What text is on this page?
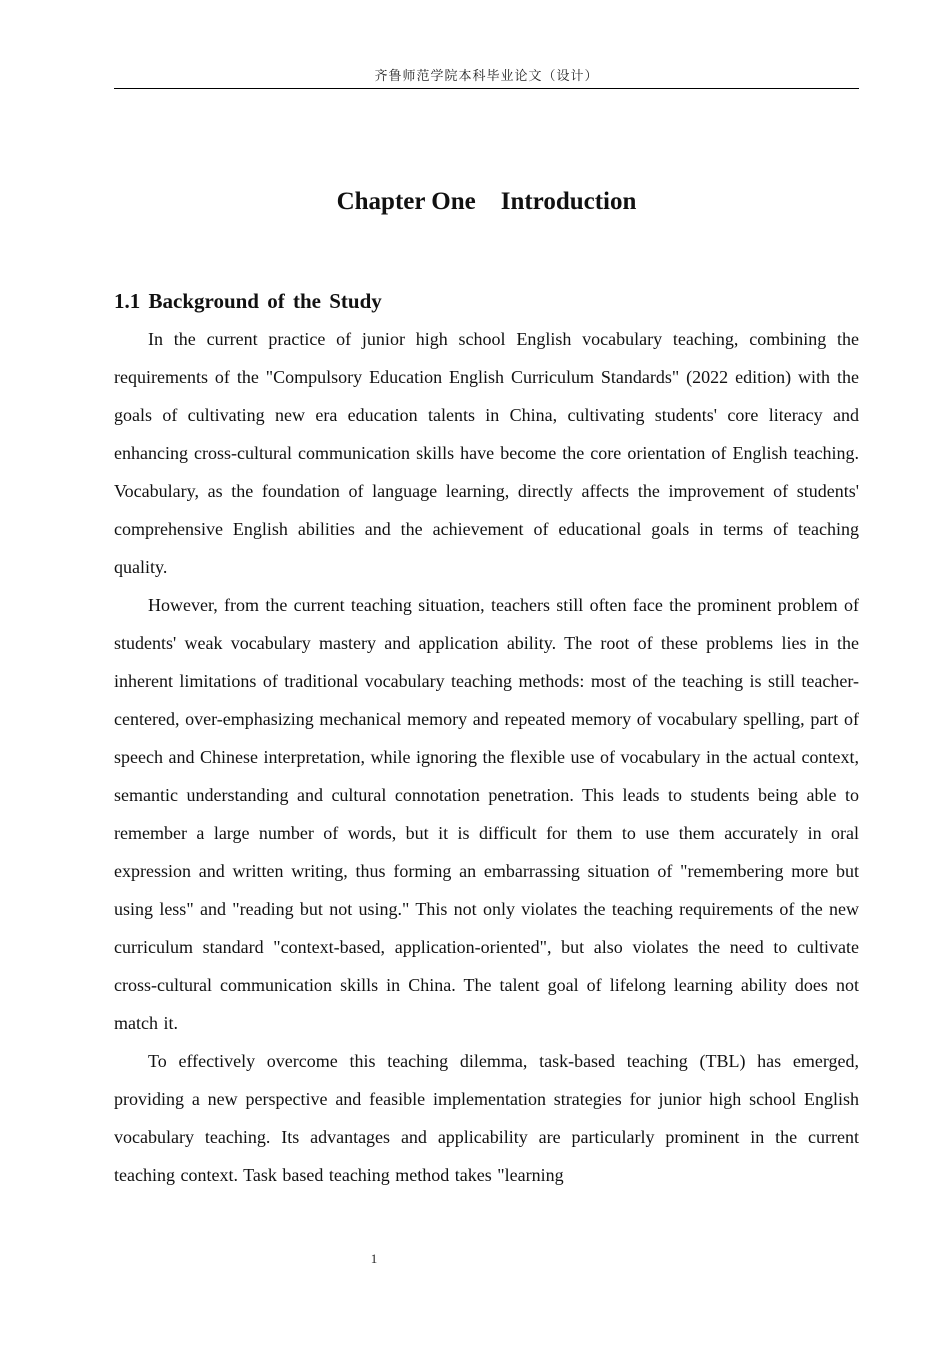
齐鲁师范学院本科毕业论文（设计）
Chapter One    Introduction
1.1 Background of the Study

In the current practice of junior high school English vocabulary teaching, combining the requirements of the "Compulsory Education English Curriculum Standards" (2022 edition) with the goals of cultivating new era education talents in China, cultivating students' core literacy and enhancing cross-cultural communication skills have become the core orientation of English teaching. Vocabulary, as the foundation of language learning, directly affects the improvement of students' comprehensive English abilities and the achievement of educational goals in terms of teaching quality.

However, from the current teaching situation, teachers still often face the prominent problem of students' weak vocabulary mastery and application ability. The root of these problems lies in the inherent limitations of traditional vocabulary teaching methods: most of the teaching is still teacher-centered, over-emphasizing mechanical memory and repeated memory of vocabulary spelling, part of speech and Chinese interpretation, while ignoring the flexible use of vocabulary in the actual context, semantic understanding and cultural connotation penetration. This leads to students being able to remember a large number of words, but it is difficult for them to use them accurately in oral expression and written writing, thus forming an embarrassing situation of "remembering more but using less" and "reading but not using." This not only violates the teaching requirements of the new curriculum standard "context-based, application-oriented", but also violates the need to cultivate cross-cultural communication skills in China. The talent goal of lifelong learning ability does not match it.

To effectively overcome this teaching dilemma, task-based teaching (TBL) has emerged, providing a new perspective and feasible implementation strategies for junior high school English vocabulary teaching. Its advantages and applicability are particularly prominent in the current teaching context. Task based teaching method takes "learning

1
